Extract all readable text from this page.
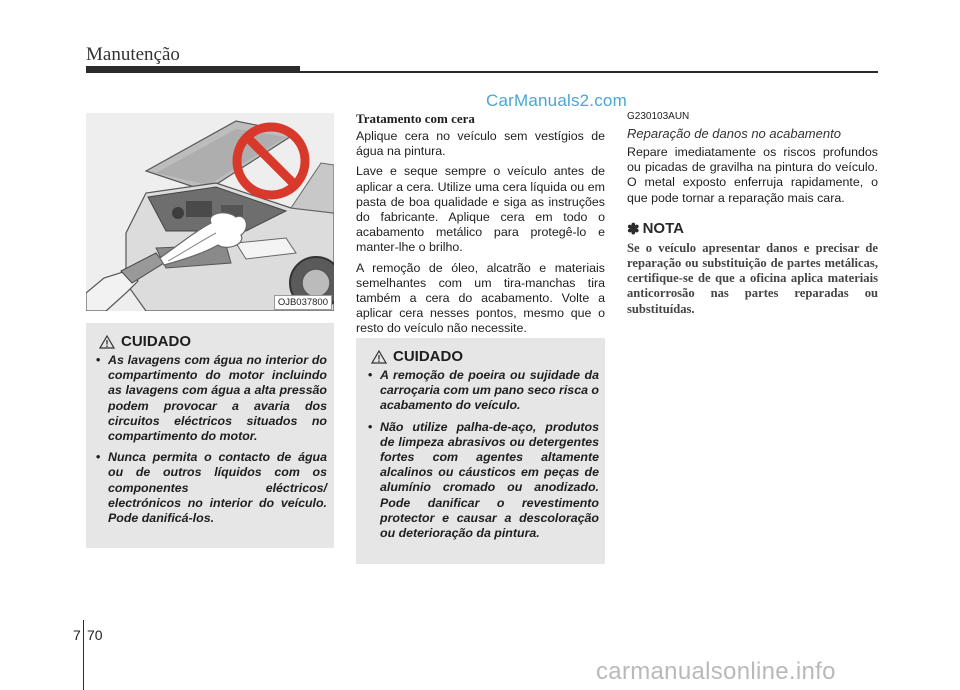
Manutenção
CarManuals2.com
OJB037800
CUIDADO
• As lavagens com água no interior do compartimento do motor incluindo as lavagens com água a alta pressão podem provocar a avaria dos circuitos eléctricos situados no compartimento do motor.
• Nunca permita o contacto de água ou de outros líquidos com os componentes eléctricos/ electrónicos no interior do veículo. Pode danificá-los.
Tratamento com cera

Aplique cera no veículo sem vestígios de água na pintura.

Lave e seque sempre o veículo antes de aplicar a cera. Utilize uma cera líquida ou em pasta de boa qualidade e siga as instruções do fabricante. Aplique cera em todo o acabamento metálico para protegê-lo e manter-lhe o brilho.

A remoção de óleo, alcatrão e materiais semelhantes com um tira-manchas tira também a cera do acabamento. Volte a aplicar cera nesses pontos, mesmo que o resto do veículo não necessite.

CUIDADO
• A remoção de poeira ou sujidade da carroçaria com um pano seco risca o acabamento do veículo.
• Não utilize palha-de-aço, produtos de limpeza abrasivos ou detergentes fortes com agentes altamente alcalinos ou cáusticos em peças de alumínio cromado ou anodizado. Pode danificar o revestimento protector e causar a descoloração ou deterioração da pintura.
G230103AUN
Reparação de danos no acabamento

Repare imediatamente os riscos profundos ou picadas de gravilha na pintura do veículo. O metal exposto enferruja rapidamente, o que pode tornar a reparação mais cara.

✽ NOTA
Se o veículo apresentar danos e precisar de reparação ou substituição de partes metálicas, certifique-se de que a oficina aplica materiais anticorrosão nas partes reparadas ou substituídas.
7 70
carmanualsonline.info
